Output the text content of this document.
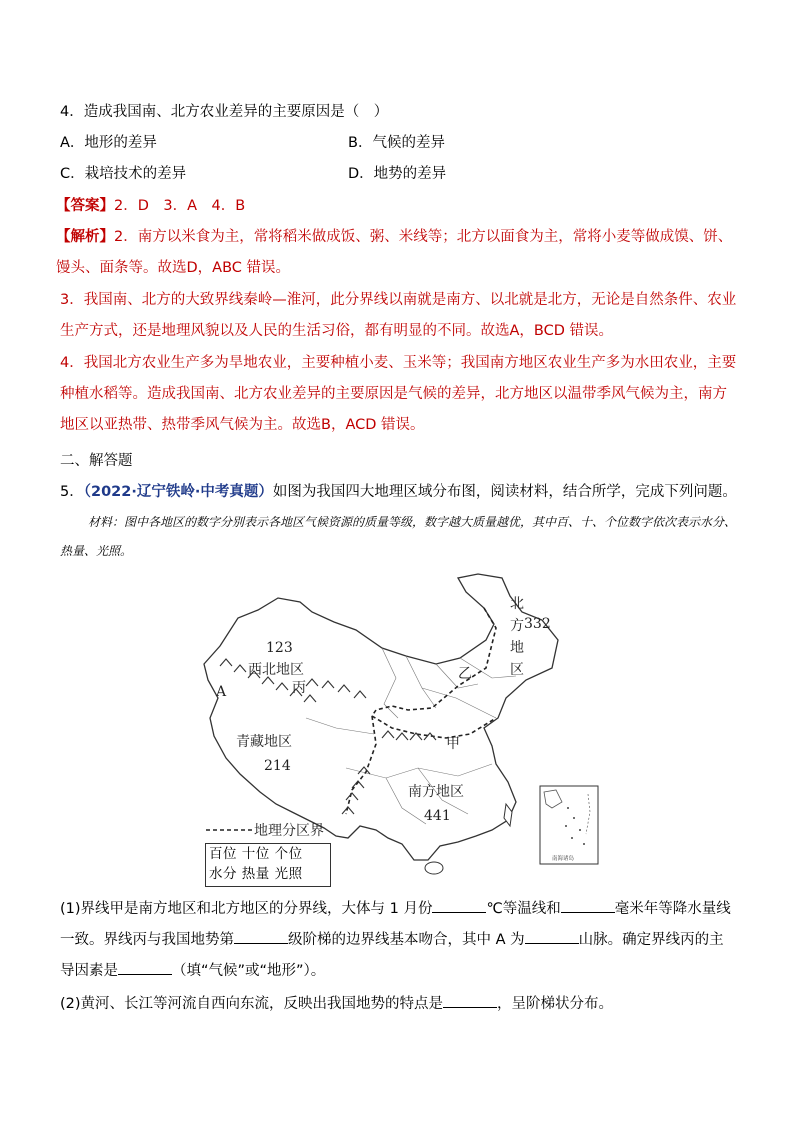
4．造成我国南、北方农业差异的主要原因是（　）
A．地形的差异	B．气候的差异
C．栽培技术的差异	D．地势的差异
【答案】2．D　3．A　4．B
【解析】2．南方以米食为主，常将稻米做成饭、粥、米线等；北方以面食为主，常将小麦等做成馍、饼、馒头、面条等。故选D，ABC 错误。
3．我国南、北方的大致界线秦岭—淮河，此分界线以南就是南方、以北就是北方，无论是自然条件、农业生产方式，还是地理风貌以及人民的生活习俗，都有明显的不同。故选A，BCD 错误。
4．我国北方农业生产多为旱地农业，主要种植小麦、玉米等；我国南方地区农业生产多为水田农业，主要种植水稻等。造成我国南、北方农业差异的主要原因是气候的差异，北方地区以温带季风气候为主，南方地区以亚热带、热带季风气候为主。故选B，ACD 错误。
二、解答题
5．（2022·辽宁铁岭·中考真题）如图为我国四大地理区域分布图，阅读材料，结合所学，完成下列问题。
材料：图中各地区的数字分别表示各地区气候资源的质量等级，数字越大质量越优，其中百、十、个位数字依次表示水分、热量、光照。
123
西北地区
A	丙
青藏地区
214
甲
乙
北
方 332
地
区
南方地区
441
地理分区界
南海诸岛
百位 十位 个位
水分 热量 光照
(1)界线甲是南方地区和北方地区的分界线，大体与 1 月份	℃等温线和	毫米年等降水量线
一致。界线丙与我国地势第	级阶梯的边界线基本吻合，其中 A 为	山脉。确定界线丙的主
导因素是	（填“气候”或“地形”）。
(2)黄河、长江等河流自西向东流，反映出我国地势的特点是	，呈阶梯状分布。
